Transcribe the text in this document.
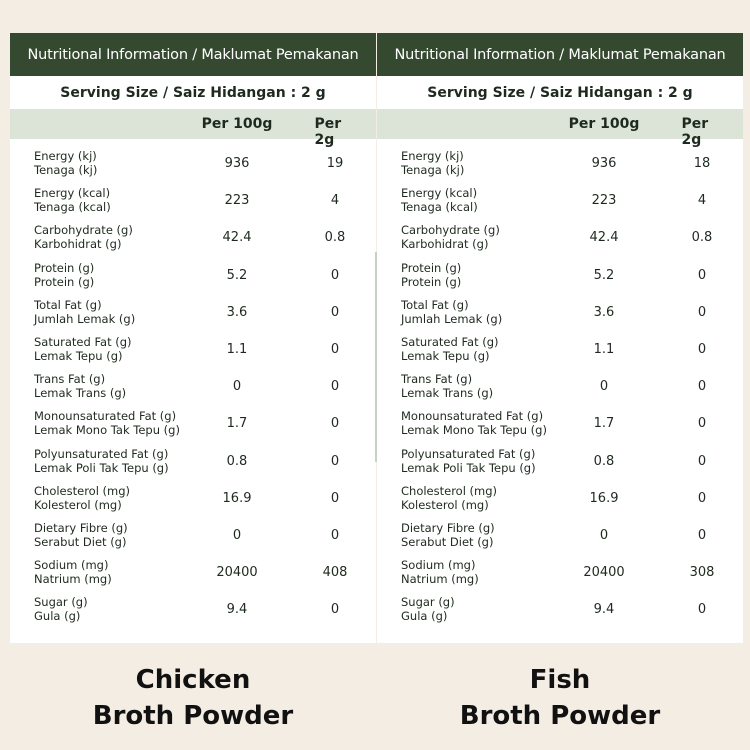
Nutritional Information / Maklumat Pemakanan
Serving Size / Saiz Hidangan : 2 g
Per 100g	Per 2g
Energy (kj)
Tenaga (kj)	936	19
Energy (kcal)
Tenaga (kcal)	223	4
Carbohydrate (g)
Karbohidrat (g)	42.4	0.8
Protein (g)
Protein (g)	5.2	0
Total Fat (g)
Jumlah Lemak (g)	3.6	0
Saturated Fat (g)
Lemak Tepu (g)	1.1	0
Trans Fat (g)
Lemak Trans (g)	0	0
Monounsaturated Fat (g)
Lemak Mono Tak Tepu (g)	1.7	0
Polyunsaturated Fat (g)
Lemak Poli Tak Tepu (g)	0.8	0
Cholesterol (mg)
Kolesterol (mg)	16.9	0
Dietary Fibre (g)
Serabut Diet (g)	0	0
Sodium (mg)
Natrium (mg)	20400	408
Sugar (g)
Gula (g)	9.4	0
Nutritional Information / Maklumat Pemakanan
Serving Size / Saiz Hidangan : 2 g
Per 100g	Per 2g
Energy (kj)
Tenaga (kj)	936	18
Energy (kcal)
Tenaga (kcal)	223	4
Carbohydrate (g)
Karbohidrat (g)	42.4	0.8
Protein (g)
Protein (g)	5.2	0
Total Fat (g)
Jumlah Lemak (g)	3.6	0
Saturated Fat (g)
Lemak Tepu (g)	1.1	0
Trans Fat (g)
Lemak Trans (g)	0	0
Monounsaturated Fat (g)
Lemak Mono Tak Tepu (g)	1.7	0
Polyunsaturated Fat (g)
Lemak Poli Tak Tepu (g)	0.8	0
Cholesterol (mg)
Kolesterol (mg)	16.9	0
Dietary Fibre (g)
Serabut Diet (g)	0	0
Sodium (mg)
Natrium (mg)	20400	308
Sugar (g)
Gula (g)	9.4	0
Chicken
Broth Powder
Fish
Broth Powder
